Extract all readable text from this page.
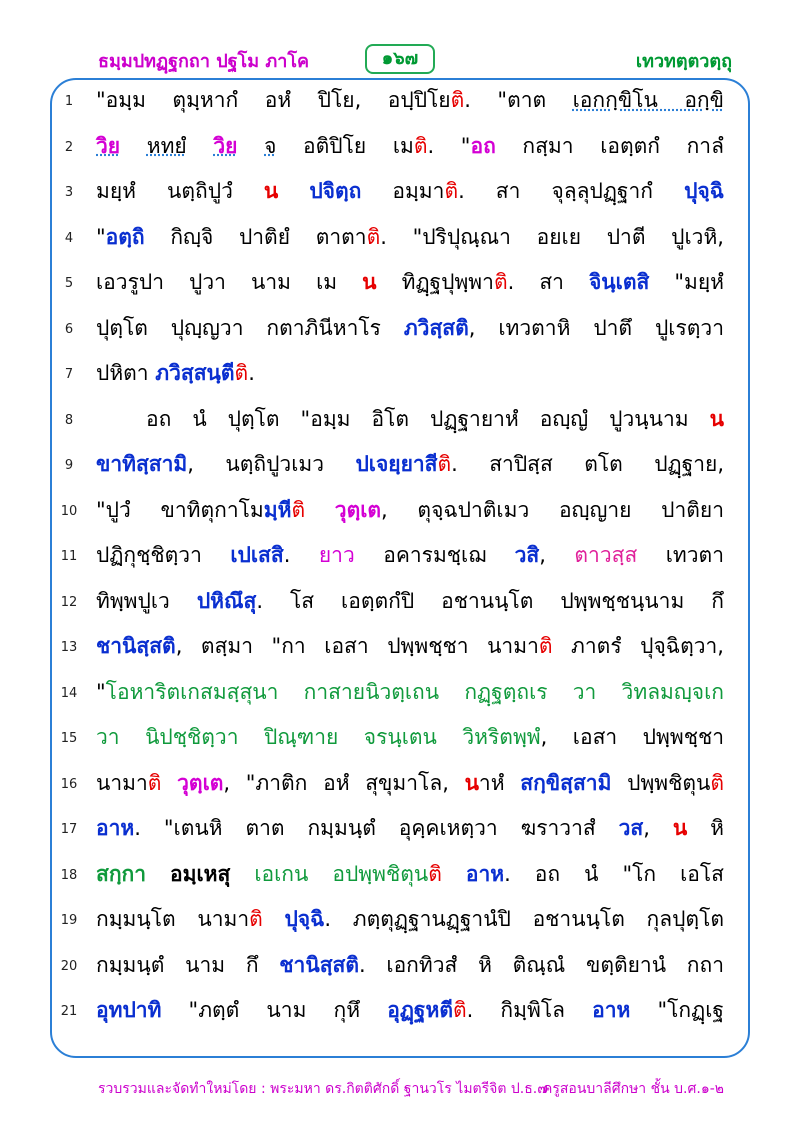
ธมฺมปทฏฺฐกถา ปฐโม ภาโค	๑๖๗	เทวทตฺตวตฺถุ
1	"อมฺม ตุมฺหากํ อหํ ปิโย, อปฺปิโยติ. "ตาต เอกกฺขิโน อกฺขิ
2	วิย หทยํ วิย จ อติปิโย เมติ. "อถ กสฺมา เอตฺตกํ กาลํ
3	มยฺหํ นตฺถิปูวํ น ปจิตฺถ อมฺมาติ. สา จุลฺลุปฏฺฐากํ ปุจฺฉิ
4	"อตฺถิ กิญฺจิ ปาติยํ ตาตาติ. "ปริปุณฺณา อยเย ปาตี ปูเวหิ,
5	เอวรูปา ปูวา นาม เม น ทิฏฺฐปุพฺพาติ. สา จินฺเตสิ "มยฺหํ
6	ปุตฺโต ปุญฺญวา กตาภินีหาโร ภวิสฺสติ, เทวตาหิ ปาตึ ปูเรตฺวา
7	ปหิตา ภวิสฺสนฺตีติ.
8	อถ นํ ปุตฺโต "อมฺม อิโต ปฏฺฐายาหํ อญฺญํ ปูวนฺนาม น
9	ขาทิสฺสามิ, นตฺถิปูวเมว ปเจยฺยาสีติ. สาปิสฺส ตโต ปฏฺฐาย,
10 "ปูวํ ขาทิตุกาโมมฺหีติ วุตฺเต, ตุจฺฉปาติเมว อญฺญาย ปาติยา
11 ปฏิกุชฺชิตฺวา เปเสสิ. ยาว อคารมชฺเฌ วสิ, ตาวสฺส เทวตา
12 ทิพฺพปูเว ปหิณึสุ. โส เอตฺตกํปิ อชานนฺโต ปพฺพชฺชนฺนาม กึ
13 ชานิสฺสติ, ตสฺมา "กา เอสา ปพฺพชฺชา นามาติ ภาตรํ ปุจฺฉิตฺวา,
14 "โอหาริตเกสมสฺสุนา กาสายนิวตฺเถน กฏฺฐตฺถเร วา วิทลมญฺจเก
15 วา นิปชฺชิตฺวา ปิณฺฑาย จรนฺเตน วิหริตพฺพํ, เอสา ปพฺพชฺชา
16 นามาติ วุตฺเต, "ภาติก อหํ สุขุมาโล, นาหํ สกฺขิสฺสามิ ปพฺพชิตุนติ
17 อาห. "เตนหิ ตาต กมฺมนฺตํ อุคฺคเหตฺวา ฆราวาสํ วส, น หิ
18 สกฺกา อมฺเหสุ เอเกน อปพฺพชิตุนติ อาห. อถ นํ "โก เอโส
19 กมฺมนฺโต นามาติ ปุจฺฉิ. ภตฺตุฏฺฐานฏฺฐานํปิ อชานนฺโต กุลปุตฺโต
20 กมฺมนฺตํ นาม กึ ชานิสฺสติ. เอกทิวสํ หิ ติณฺณํ ขตฺติยานํ กถา
21 อุทปาทิ "ภตฺตํ นาม กุหึ อุฏฺฐหตีติ. กิมฺพิโล อาห "โกฏฺเฐ
รวบรวมและจัดทำใหม่โดย : พระมหา ดร.กิตติศักดิ์ ฐานวโร ไมตรีจิต ป.ธ.๗
ครูสอนบาลีศึกษา ชั้น บ.ศ.๑-๒
